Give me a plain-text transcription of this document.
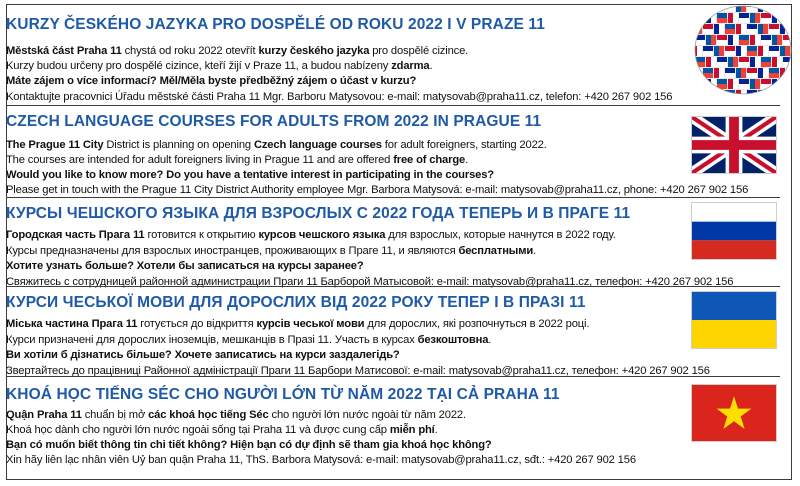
KURZY ČESKÉHO JAZYKA PRO DOSPĚLÉ OD ROKU 2022 I V PRAZE 11
Městská část Praha 11 chystá od roku 2022 otevřít kurzy českého jazyka pro dospělé cizince.
Kurzy budou určeny pro dospělé cizince, kteří žijí v Praze 11, a budou nabízeny zdarma.
Máte zájem o více informací? Měl/Měla byste předběžný zájem o účast v kurzu?
Kontaktujte pracovnici Úřadu městské části Praha 11 Mgr. Barboru Matysovou: e-mail: matysovab@praha11.cz, telefon: +420 267 902 156
CZECH LANGUAGE COURSES FOR ADULTS FROM 2022 IN PRAGUE 11
The Prague 11 City District is planning on opening Czech language courses for adult foreigners, starting 2022.
The courses are intended for adult foreigners living in Prague 11 and are offered free of charge.
Would you like to know more? Do you have a tentative interest in participating in the courses?
Please get in touch with the Prague 11 City District Authority employee Mgr. Barbora Matysová: e-mail: matysovab@praha11.cz, phone: +420 267 902 156
КУРСЫ ЧЕШСКОГО ЯЗЫКА ДЛЯ ВЗРОСЛЫХ С 2022 ГОДА ТЕПЕРЬ И В ПРАГЕ 11
Городская часть Прага 11 готовится к открытию курсов чешского языка для взрослых, которые начнутся в 2022 году.
Курсы предназначены для взрослых иностранцев, проживающих в Праге 11, и являются бесплатными.
Хотите узнать больше? Хотели бы записаться на курсы заранее?
Свяжитесь с сотрудницей районной администрации Праги 11 Барборой Матысовой: e-mail: matysovab@praha11.cz, телефон: +420 267 902 156
КУРСИ ЧЕСЬКОЇ МОВИ ДЛЯ ДОРОСЛИХ ВІД 2022 РОКУ ТЕПЕР І В ПРАЗІ 11
Міська частина Прага 11 готується до відкриття курсів чеської мови для дорослих, які розпочнуться в 2022 році.
Курси призначені для дорослих іноземців, мешканців в Празі 11. Участь в курсах безкоштовна.
Ви хотіли б дізнатись більше? Хочете записатись на курси заздалегідь?
Звертайтесь до працівниці Районної адміністрації Праги 11 Барбори Матисової: e-mail: matysovab@praha11.cz, телефон: +420 267 902 156
KHOÁ HỌC TIẾNG SÉC CHO NGƯỜI LỚN TỪ NĂM 2022 TẠI CẢ PRAHA 11
Quận Praha 11 chuẩn bị mở các khoá học tiếng Séc cho người lớn nước ngoài từ năm 2022.
Khoá học dành cho người lớn nước ngoài sống tại Praha 11 và được cung cấp miễn phí.
Bạn có muốn biết thông tin chi tiết không? Hiện bạn có dự định sẽ tham gia khoá học không?
Xin hãy liên lạc nhân viên Uỷ ban quận Praha 11, ThS. Barbora Matysová: e-mail: matysovab@praha11.cz, sđt.: +420 267 902 156
